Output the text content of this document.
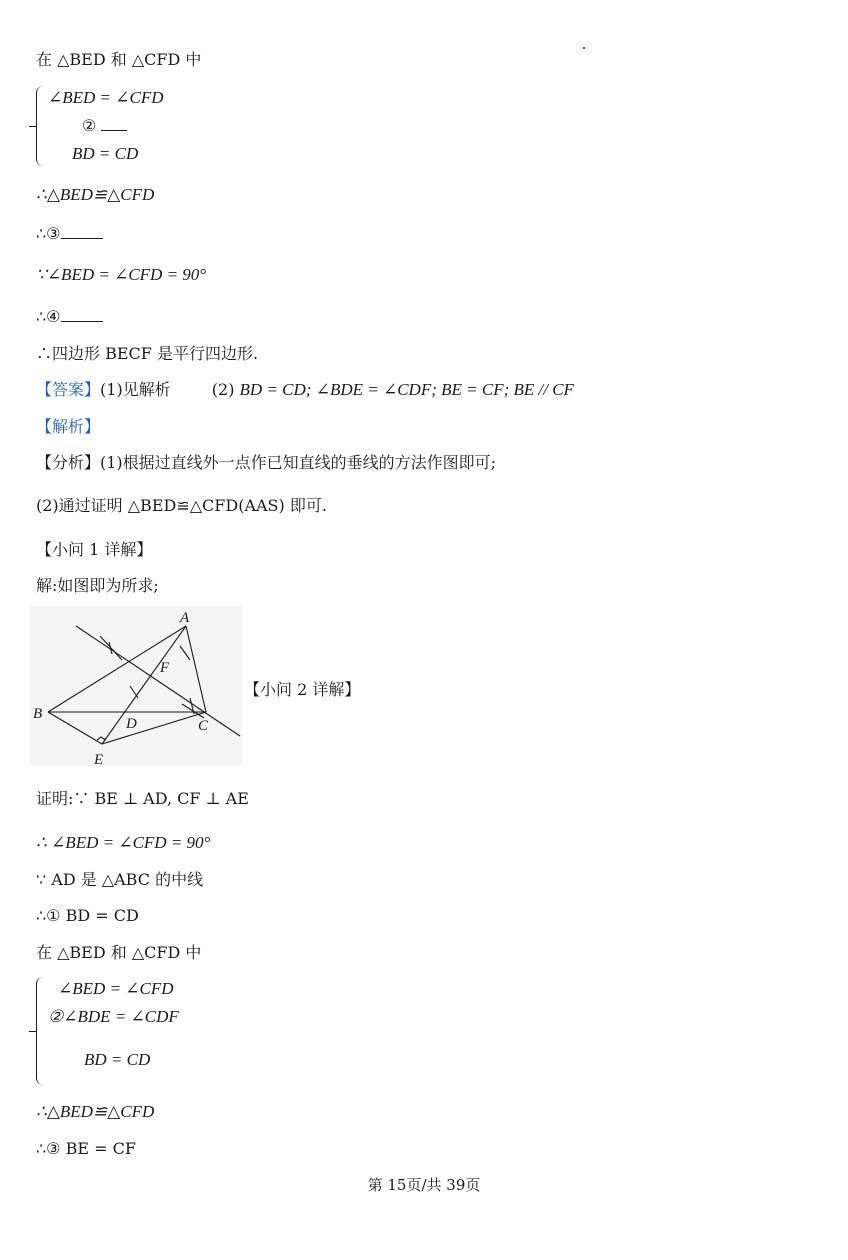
在 △BED 和 △CFD 中
∠BED = ∠CFD
②
BD = CD
∴△BED≌△CFD
∴③
∵∠BED = ∠CFD = 90°
∴④
∴四边形 BECF 是平行四边形.
【答案】(1)见解析	(2) BD = CD; ∠BDE = ∠CDF; BE = CF; BE // CF
【解析】
【分析】(1)根据过直线外一点作已知直线的垂线的方法作图即可;
(2)通过证明 △BED≌△CFD(AAS) 即可.
【小问 1 详解】
解:如图即为所求;
A
B
C
D
E
F
【小问 2 详解】
证明:∵ BE ⊥ AD, CF ⊥ AE
∴ ∠BED = ∠CFD = 90°
∵ AD 是 △ABC 的中线
∴① BD = CD
在 △BED 和 △CFD 中
∠BED = ∠CFD
②∠BDE = ∠CDF
BD = CD
∴△BED≌△CFD
∴③ BE = CF
第 15页/共 39页
